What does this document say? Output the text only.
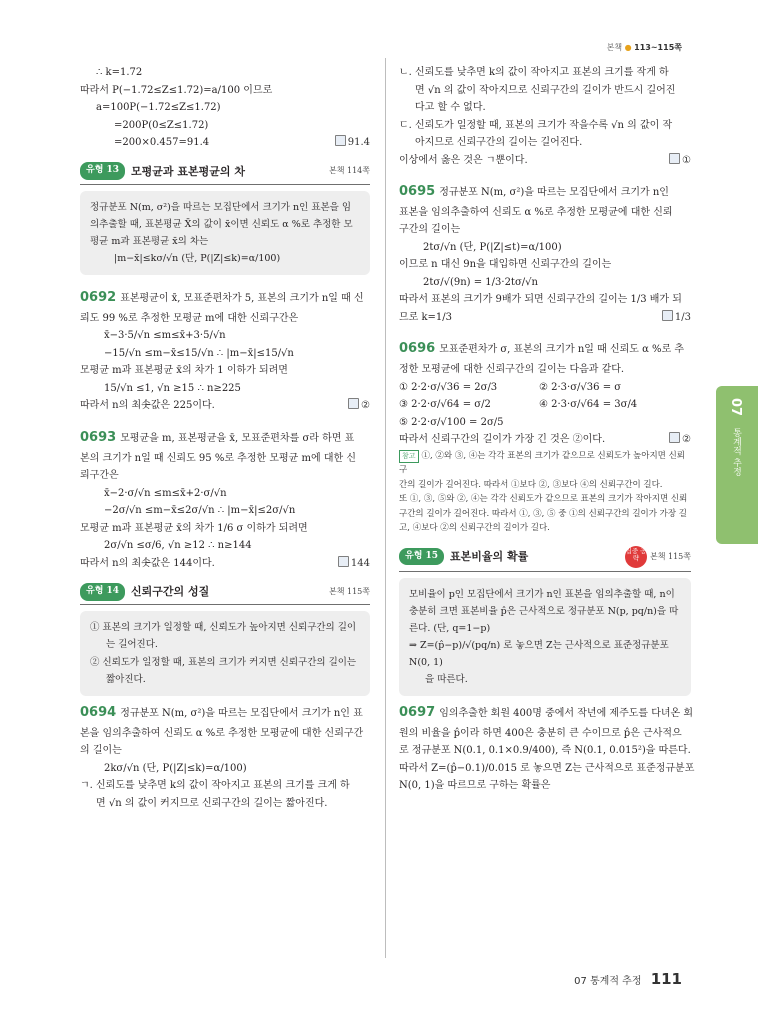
본책 ● 113~115쪽
∴ k=1.72
따라서 P(−1.72≤Z≤1.72)=a/100 이므로
a=100P(−1.72≤Z≤1.72)
=200P(0≤Z≤1.72)
=200×0.457=91.4	91.4
유형 13	모평균과 표본평균의 차	본책 114쪽
정규분포 N(m, σ²)을 따르는 모집단에서 크기가 n인 표본을 임
의추출할 때, 표본평균 X̄의 값이 x̄이면 신뢰도 α %로 추정한 모
평균 m과 표본평균 x̄의 차는
|m−x̄|≤kσ/√n (단, P(|Z|≤k)=α/100)
0692 표본평균이 x̄, 모표준편차가 5, 표본의 크기가 n일 때 신
뢰도 99 %로 추정한 모평균 m에 대한 신뢰구간은
x̄−3·5/√n ≤m≤x̄+3·5/√n
−15/√n ≤m−x̄≤15/√n ∴ |m−x̄|≤15/√n
모평균 m과 표본평균 x̄의 차가 1 이하가 되려면
15/√n ≤1, √n ≥15 ∴ n≥225
따라서 n의 최솟값은 225이다.	②
0693 모평균을 m, 표본평균을 x̄, 모표준편차를 σ라 하면 표
본의 크기가 n일 때 신뢰도 95 %로 추정한 모평균 m에 대한 신
뢰구간은
x̄−2·σ/√n ≤m≤x̄+2·σ/√n
−2σ/√n ≤m−x̄≤2σ/√n ∴ |m−x̄|≤2σ/√n
모평균 m과 표본평균 x̄의 차가 1/6 σ 이하가 되려면
2σ/√n ≤σ/6, √n ≥12 ∴ n≥144
따라서 n의 최솟값은 144이다.	144
유형 14	신뢰구간의 성질	본책 115쪽
① 표본의 크기가 일정할 때, 신뢰도가 높아지면 신뢰구간의 길이
는 길어진다.
② 신뢰도가 일정할 때, 표본의 크기가 커지면 신뢰구간의 길이는
짧아진다.
0694 정규분포 N(m, σ²)을 따르는 모집단에서 크기가 n인 표
본을 임의추출하여 신뢰도 α %로 추정한 모평균에 대한 신뢰구간
의 길이는
2kσ/√n (단, P(|Z|≤k)=α/100)
ㄱ. 신뢰도를 낮추면 k의 값이 작아지고 표본의 크기를 크게 하
면 √n 의 값이 커지므로 신뢰구간의 길이는 짧아진다.
ㄴ. 신뢰도를 낮추면 k의 값이 작아지고 표본의 크기를 작게 하
면 √n 의 값이 작아지므로 신뢰구간의 길이가 반드시 길어진
다고 할 수 없다.
ㄷ. 신뢰도가 일정할 때, 표본의 크기가 작을수록 √n 의 값이 작
아지므로 신뢰구간의 길이는 길어진다.
이상에서 옳은 것은 ㄱ뿐이다.	①
0695 정규분포 N(m, σ²)을 따르는 모집단에서 크기가 n인
표본을 임의추출하여 신뢰도 α %로 추정한 모평균에 대한 신뢰
구간의 길이는
2tσ/√n (단, P(|Z|≤t)=α/100)
이므로 n 대신 9n을 대입하면 신뢰구간의 길이는
2tσ/√(9n) = 1/3·2tσ/√n
따라서 표본의 크기가 9배가 되면 신뢰구간의 길이는 1/3 배가 되
므로 k=1/3	1/3
0696 모표준편차가 σ, 표본의 크기가 n일 때 신뢰도 α %로 추
정한 모평균에 대한 신뢰구간의 길이는 다음과 같다.
① 2·2·σ/√36 = 2σ/3	② 2·3·σ/√36 = σ
③ 2·2·σ/√64 = σ/2	④ 2·3·σ/√64 = 3σ/4
⑤ 2·2·σ/√100 = 2σ/5
따라서 신뢰구간의 길이가 가장 긴 것은 ②이다.	②
참고 ①, ②와 ③, ④는 각각 표본의 크기가 같으므로 신뢰도가 높아지면 신뢰구
간의 길이가 길어진다. 따라서 ①보다 ②, ③보다 ④의 신뢰구간이 길다.
또 ①, ③, ⑤와 ②, ④는 각각 신뢰도가 같으므로 표본의 크기가 작아지면 신뢰
구간의 길이가 길어진다. 따라서 ①, ③, ⑤ 중 ①의 신뢰구간의 길이가 가장 길
고, ④보다 ②의 신뢰구간의 길이가 길다.
유형 15	표본비율의 확률	집중 공략	본책 115쪽
모비율이 p인 모집단에서 크기가 n인 표본을 임의추출할 때, n이
충분히 크면 표본비율 p̂은 근사적으로 정규분포 N(p, pq/n)을 따
른다. (단, q=1−p)
⇒ Z=(p̂−p)/√(pq/n) 로 놓으면 Z는 근사적으로 표준정규분포 N(0, 1)
을 따른다.
0697 임의추출한 회원 400명 중에서 작년에 제주도를 다녀온 회
원의 비율을 p̂이라 하면 400은 충분히 큰 수이므로 p̂은 근사적으
로 정규분포 N(0.1, 0.1×0.9/400), 즉 N(0.1, 0.015²)을 따른다.
따라서 Z=(p̂−0.1)/0.015 로 놓으면 Z는 근사적으로 표준정규분포
N(0, 1)을 따르므로 구하는 확률은
07
통계적 추정
07 통계적 추정 111
